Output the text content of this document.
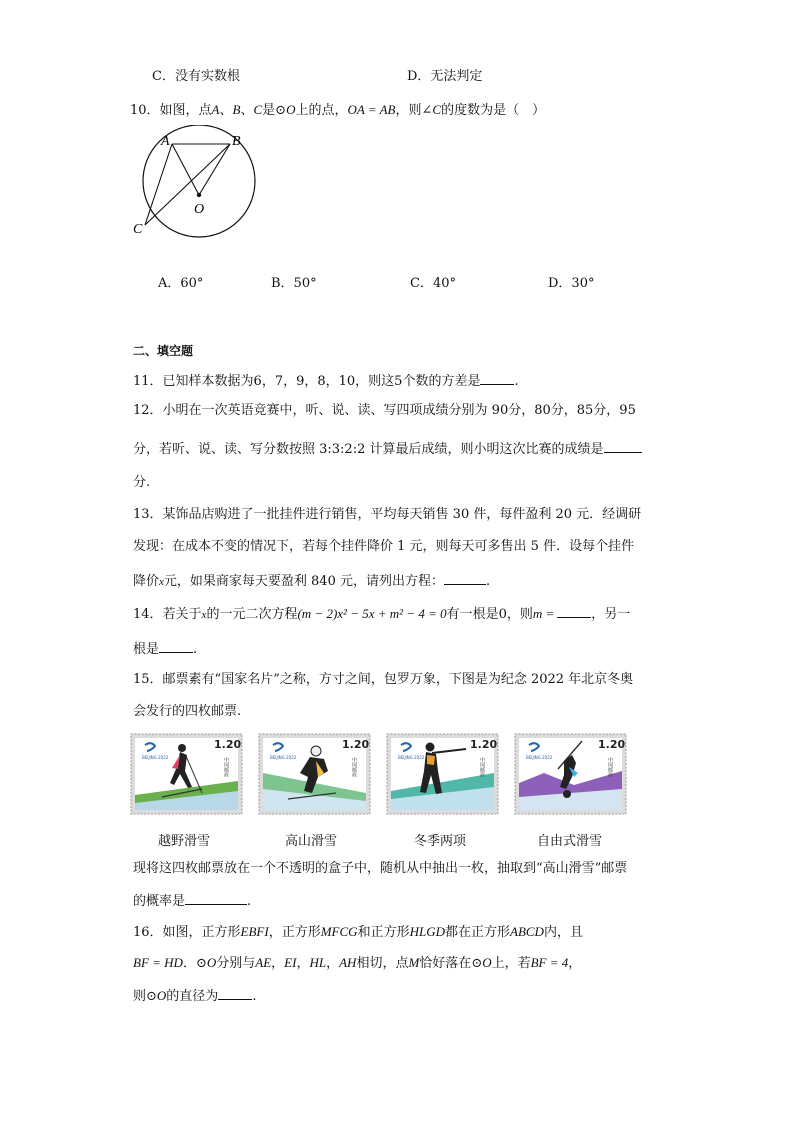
C．没有实数根	D．无法判定
10．如图，点A、B、C是⊙O上的点，OA = AB，则∠C的度数为是（　）
A	B
O
C
A．60°	B．50°	C．40°	D．30°
二、填空题
11．已知样本数据为6，7，9，8，10，则这5个数的方差是	.
12．小明在一次英语竞赛中，听、说、读、写四项成绩分别为 90分，80分，85分，95
分，若听、说、读、写分数按照 3:3:2:2 计算最后成绩，则小明这次比赛的成绩是
分.
13．某饰品店购进了一批挂件进行销售，平均每天销售 30 件，每件盈利 20 元．经调研
发现：在成本不变的情况下，若每个挂件降价 1 元，则每天可多售出 5 件．设每个挂件
降价x元，如果商家每天要盈利 840 元，请列出方程：	.
14．若关于x的一元二次方程(m − 2)x² − 5x + m² − 4 = 0有一根是0，则m =	，另一
根是	.
15．邮票素有“国家名片”之称，方寸之间，包罗万象，下图是为纪念 2022 年北京冬奥
会发行的四枚邮票.
BEIJING 2022
1.20
中国邮政
越野滑雪
BEIJING 2022
1.20
中国邮政
高山滑雪
BEIJING 2022
1.20
中国邮政
冬季两项
BEIJING 2022
1.20
中国邮政
自由式滑雪
现将这四枚邮票放在一个不透明的盒子中，随机从中抽出一枚，抽取到“高山滑雪”邮票
的概率是	.
16．如图，正方形EBFI，正方形MFCG和正方形HLGD都在正方形ABCD内，且
BF = HD．⊙O分别与AE，EI，HL，AH相切，点M恰好落在⊙O上，若BF = 4，
则⊙O的直径为	.
